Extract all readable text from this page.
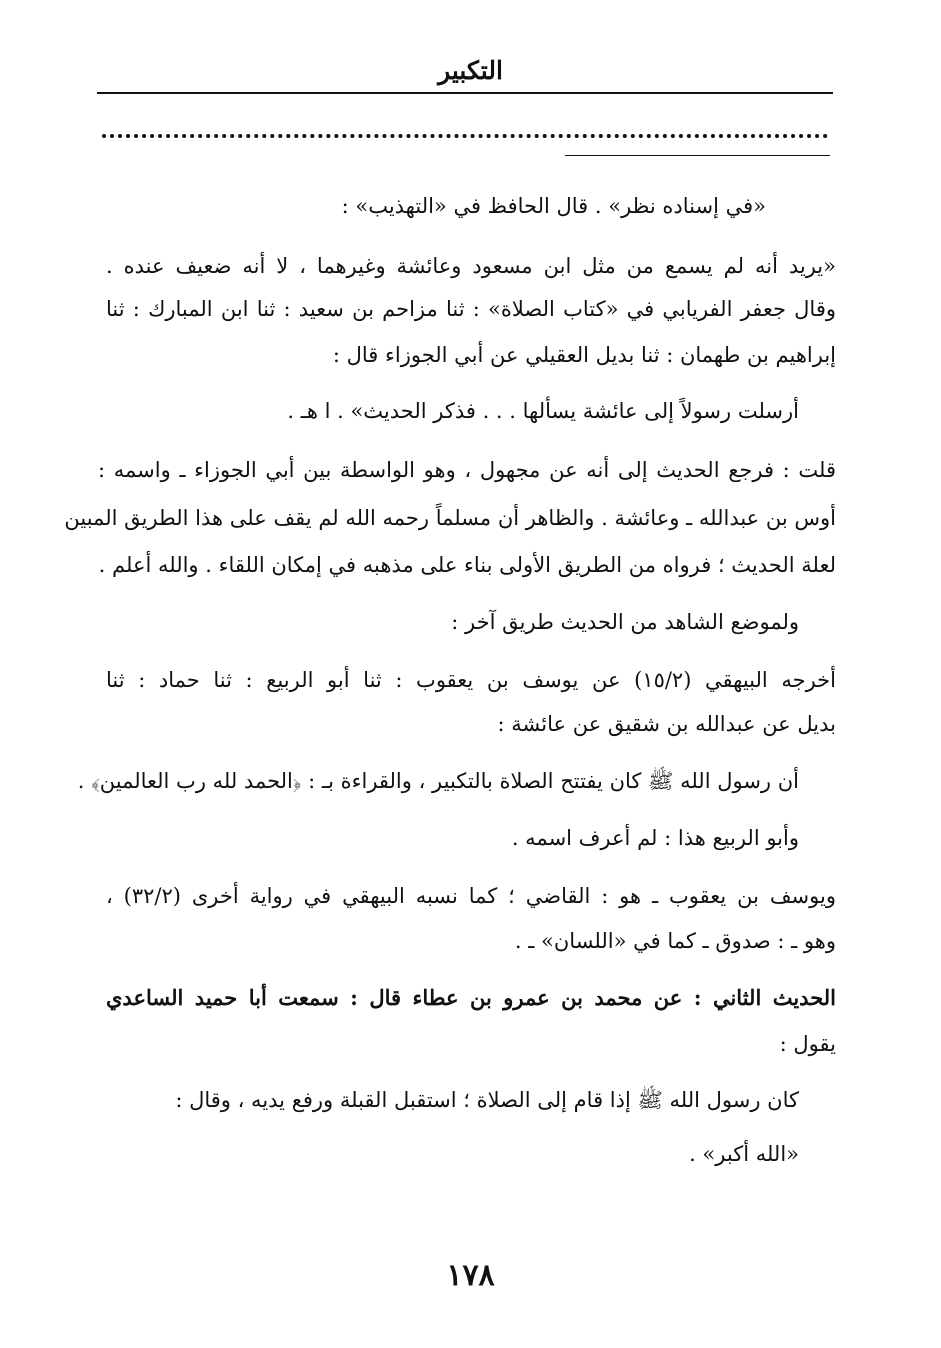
التكبير
«في إسناده نظر» . قال الحافظ في «التهذيب» :
«يريد أنه لم يسمع من مثل ابن مسعود وعائشة وغيرهما ، لا أنه ضعيف عنده .
وقال جعفر الفريابي في «كتاب الصلاة» : ثنا مزاحم بن سعيد : ثنا ابن المبارك : ثنا
إبراهيم بن طهمان : ثنا بديل العقيلي عن أبي الجوزاء قال :
أرسلت رسولاً إلى عائشة يسألها . . . فذكر الحديث» . ا هـ .
قلت : فرجع الحديث إلى أنه عن مجهول ، وهو الواسطة بين أبي الجوزاء ـ واسمه :
أوس بن عبدالله ـ وعائشة . والظاهر أن مسلماً رحمه الله لم يقف على هذا الطريق المبين
لعلة الحديث ؛ فرواه من الطريق الأولى بناء على مذهبه في إمكان اللقاء . والله أعلم .
ولموضع الشاهد من الحديث طريق آخر :
أخرجه البيهقي (١٥/٢) عن يوسف بن يعقوب : ثنا أبو الربيع : ثنا حماد : ثنا
بديل عن عبدالله بن شقيق عن عائشة :
أن رسول الله ﷺ كان يفتتح الصلاة بالتكبير ، والقراءة بـ : ﴿الحمد لله رب العالمين﴾ .
وأبو الربيع هذا : لم أعرف اسمه .
ويوسف بن يعقوب ـ هو : القاضي ؛ كما نسبه البيهقي في رواية أخرى (٣٢/٢) ،
وهو ـ : صدوق ـ كما في «اللسان» ـ .
الحديث الثاني : عن محمد بن عمرو بن عطاء قال : سمعت أبا حميد الساعدي
يقول :
كان رسول الله ﷺ إذا قام إلى الصلاة ؛ استقبل القبلة ورفع يديه ، وقال :
«الله أكبر» .
١٧٨
